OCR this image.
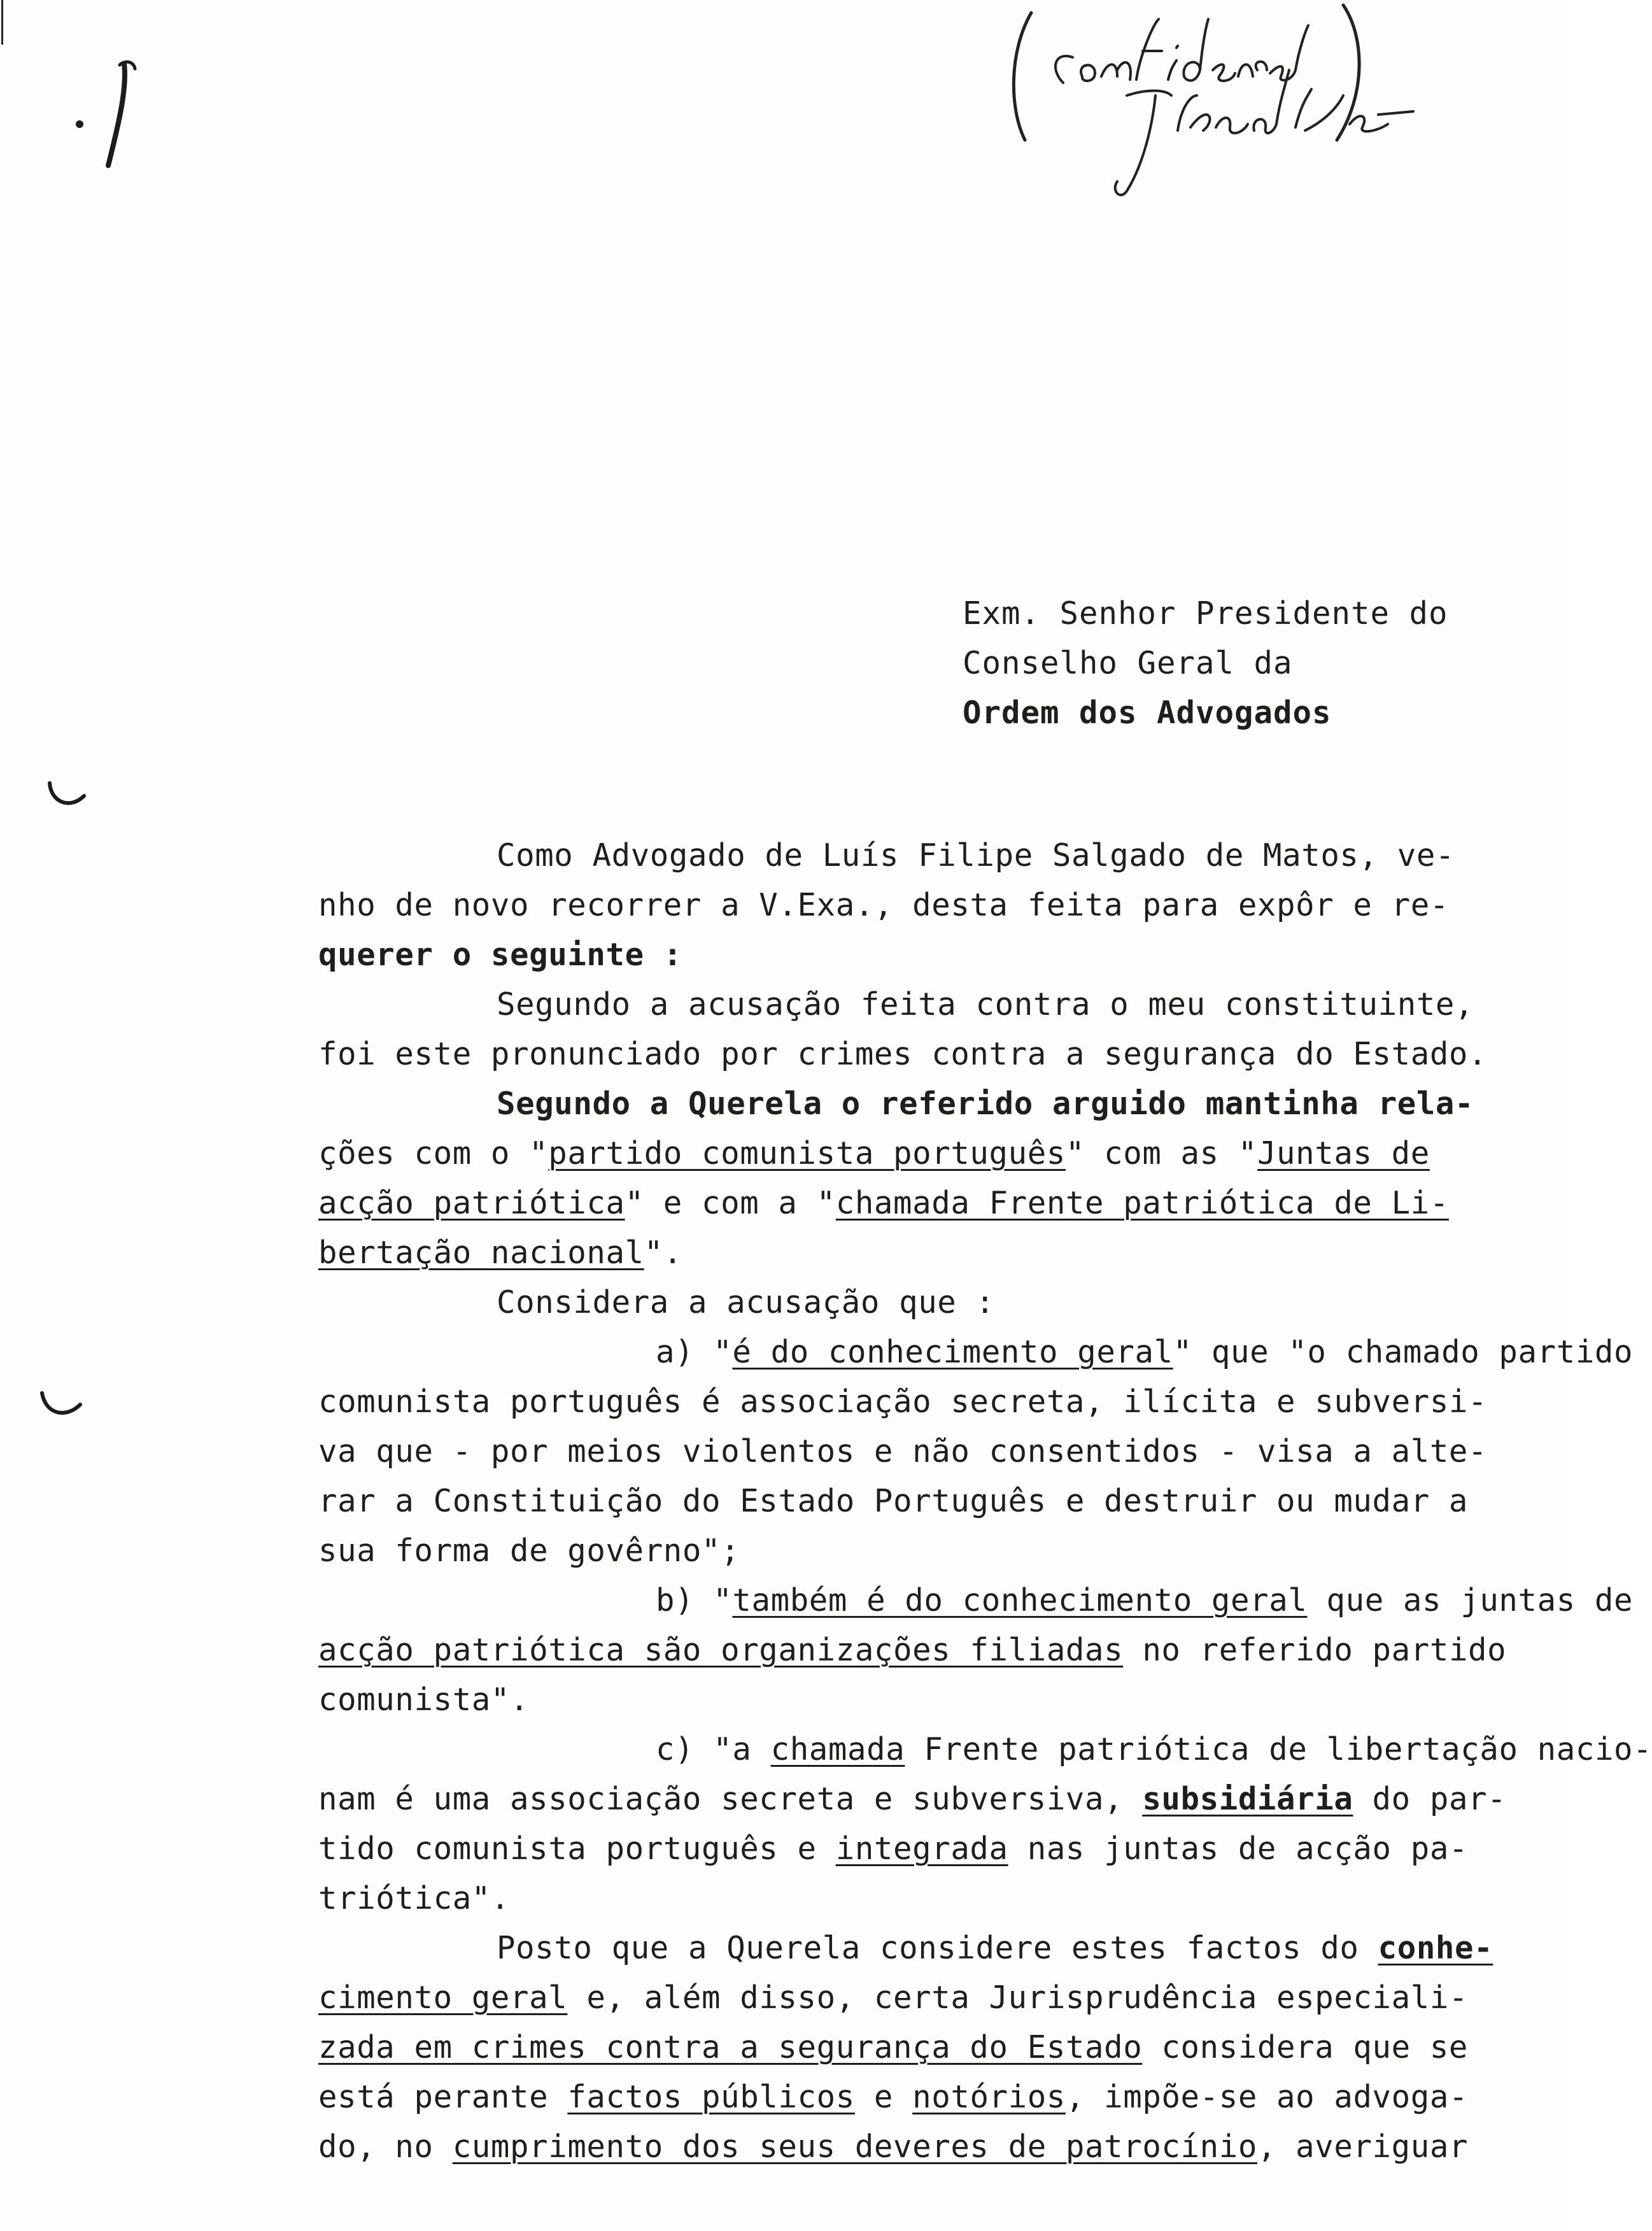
Exm. Senhor Presidente do
Conselho Geral da
Ordem dos Advogados
Como Advogado de Luís Filipe Salgado de Matos, ve-
nho de novo recorrer a V.Exa., desta feita para expôr e re-
querer o seguinte :
Segundo a acusação feita contra o meu constituinte,
foi este pronunciado por crimes contra a segurança do Estado.
Segundo a Querela o referido arguido mantinha rela-
ções com o "partido comunista português" com as "Juntas de
acção patriótica" e com a "chamada Frente patriótica de Li-
bertação nacional".
Considera a acusação que :
a) "é do conhecimento geral" que "o chamado partido
comunista português é associação secreta, ilícita e subversi-
va que - por meios violentos e não consentidos - visa a alte-
rar a Constituição do Estado Português e destruir ou mudar a
sua forma de govêrno";
b) "também é do conhecimento geral que as juntas de
acção patriótica são organizações filiadas no referido partido
comunista".
c) "a chamada Frente patriótica de libertação nacio-
nam é uma associação secreta e subversiva, subsidiária do par-
tido comunista português e integrada nas juntas de acção pa-
triótica".
Posto que a Querela considere estes factos do conhe-
cimento geral e, além disso, certa Jurisprudência especiali-
zada em crimes contra a segurança do Estado considera que se
está perante factos públicos e notórios, impõe-se ao advoga-
do, no cumprimento dos seus deveres de patrocínio, averiguar
